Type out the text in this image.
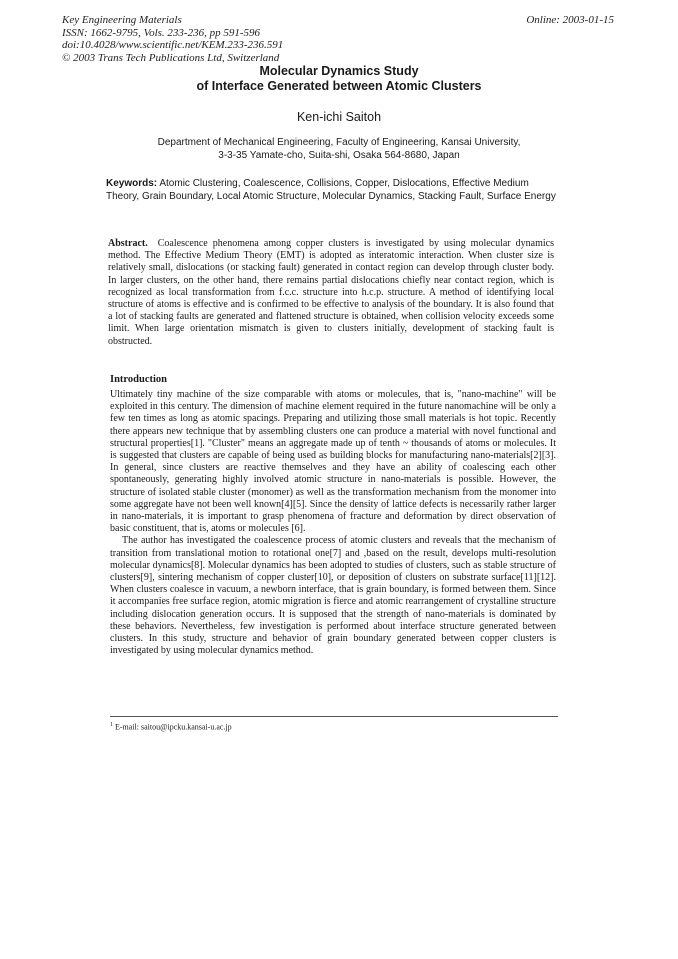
Key Engineering Materials
ISSN: 1662-9795, Vols. 233-236, pp 591-596
doi:10.4028/www.scientific.net/KEM.233-236.591
© 2003 Trans Tech Publications Ltd, Switzerland
Online: 2003-01-15
Molecular Dynamics Study
of Interface Generated between Atomic Clusters
Ken-ichi Saitoh
Department of Mechanical Engineering, Faculty of Engineering, Kansai University,
3-3-35 Yamate-cho, Suita-shi, Osaka 564-8680, Japan
Keywords: Atomic Clustering, Coalescence, Collisions, Copper, Dislocations, Effective Medium Theory, Grain Boundary, Local Atomic Structure, Molecular Dynamics, Stacking Fault, Surface Energy
Abstract. Coalescence phenomena among copper clusters is investigated by using molecular dynamics method. The Effective Medium Theory (EMT) is adopted as interatomic interaction. When cluster size is relatively small, dislocations (or stacking fault) generated in contact region can develop through cluster body. In larger clusters, on the other hand, there remains partial dislocations chiefly near contact region, which is recognized as local transformation from f.c.c. structure into h.c.p. structure. A method of identifying local structure of atoms is effective and is confirmed to be effective to analysis of the boundary. It is also found that a lot of stacking faults are generated and flattened structure is obtained, when collision velocity exceeds some limit. When large orientation mismatch is given to clusters initially, development of stacking fault is obstructed.
Introduction

Ultimately tiny machine of the size comparable with atoms or molecules, that is, "nano-machine" will be exploited in this century. The dimension of machine element required in the future nanomachine will be only a few ten times as long as atomic spacings. Preparing and utilizing those small materials is hot topic. Recently there appears new technique that by assembling clusters one can produce a material with novel functional and structural properties[1]. "Cluster" means an aggregate made up of tenth ~ thousands of atoms or molecules. It is suggested that clusters are capable of being used as building blocks for manufacturing nano-materials[2][3]. In general, since clusters are reactive themselves and they have an ability of coalescing each other spontaneously, generating highly involved atomic structure in nano-materials is possible. However, the structure of isolated stable cluster (monomer) as well as the transformation mechanism from the monomer into some aggregate have not been well known[4][5]. Since the density of lattice defects is necessarily rather larger in nano-materials, it is important to grasp phenomena of fracture and deformation by direct observation of basic constituent, that is, atoms or molecules [6].

The author has investigated the coalescence process of atomic clusters and reveals that the mechanism of transition from translational motion to rotational one[7] and ,based on the result, develops multi-resolution molecular dynamics[8]. Molecular dynamics has been adopted to studies of clusters, such as stable structure of clusters[9], sintering mechanism of copper cluster[10], or deposition of clusters on substrate surface[11][12]. When clusters coalesce in vacuum, a newborn interface, that is grain boundary, is formed between them. Since it accompanies free surface region, atomic migration is fierce and atomic rearrangement of crystalline structure including dislocation generation occurs. It is supposed that the strength of nano-materials is dominated by these behaviors. Nevertheless, few investigation is performed about interface structure generated between clusters. In this study, structure and behavior of grain boundary generated between copper clusters is investigated by using molecular dynamics method.

$^1$ E-mail: saitou@ipcku.kansai-u.ac.jp
